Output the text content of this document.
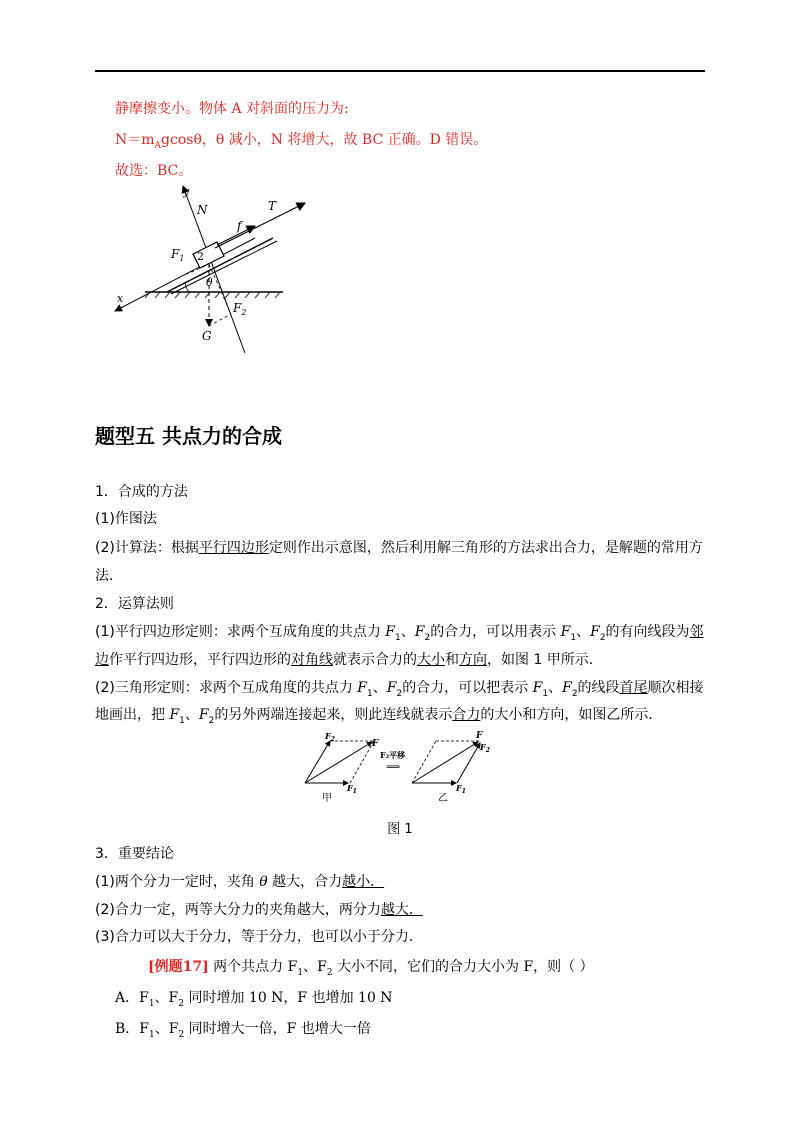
静摩擦变小。物体 A 对斜面的压力为:
$N=m_Agcos\theta$，θ 减小，N 将增大，故 BC 正确。D 错误。
故选：BC。
y
N	T
f
$F_1$ 2
θ
x
$F_2$
G
题型五 共点力的合成
1．合成的方法
(1)作图法
(2)计算法：根据平行四边形定则作出示意图，然后利用解三角形的方法求出合力，是解题的常用方
法．
2．运算法则
(1)平行四边形定则：求两个互成角度的共点力 $F_1$、$F_2$的合力，可以用表示 $F_1$、$F_2$的有向线段为邻
边作平行四边形，平行四边形的对角线就表示合力的大小和方向，如图 1 甲所示．
(2)三角形定则：求两个互成角度的共点力 $F_1$、$F_2$的合力，可以把表示 $F_1$、$F_2$的线段首尾顺次相接
地画出，把 $F_1$、$F_2$的另外两端连接起来，则此连线就表示合力的大小和方向，如图乙所示．
$F_2$	F
$F_1$
甲
F₂平移
⟹
F
$F_2$
$F_1$
乙
图 1
3．重要结论
(1)两个分力一定时，夹角 θ 越大，合力越小．
(2)合力一定，两等大分力的夹角越大，两分力越大．
(3)合力可以大于分力，等于分力，也可以小于分力．
[例题17] 两个共点力 $F_1$、$F_2$ 大小不同，它们的合力大小为 F，则（ ）
A．$F_1$、$F_2$ 同时增加 10 N，F 也增加 10 N
B．$F_1$、$F_2$ 同时增大一倍，F 也增大一倍
